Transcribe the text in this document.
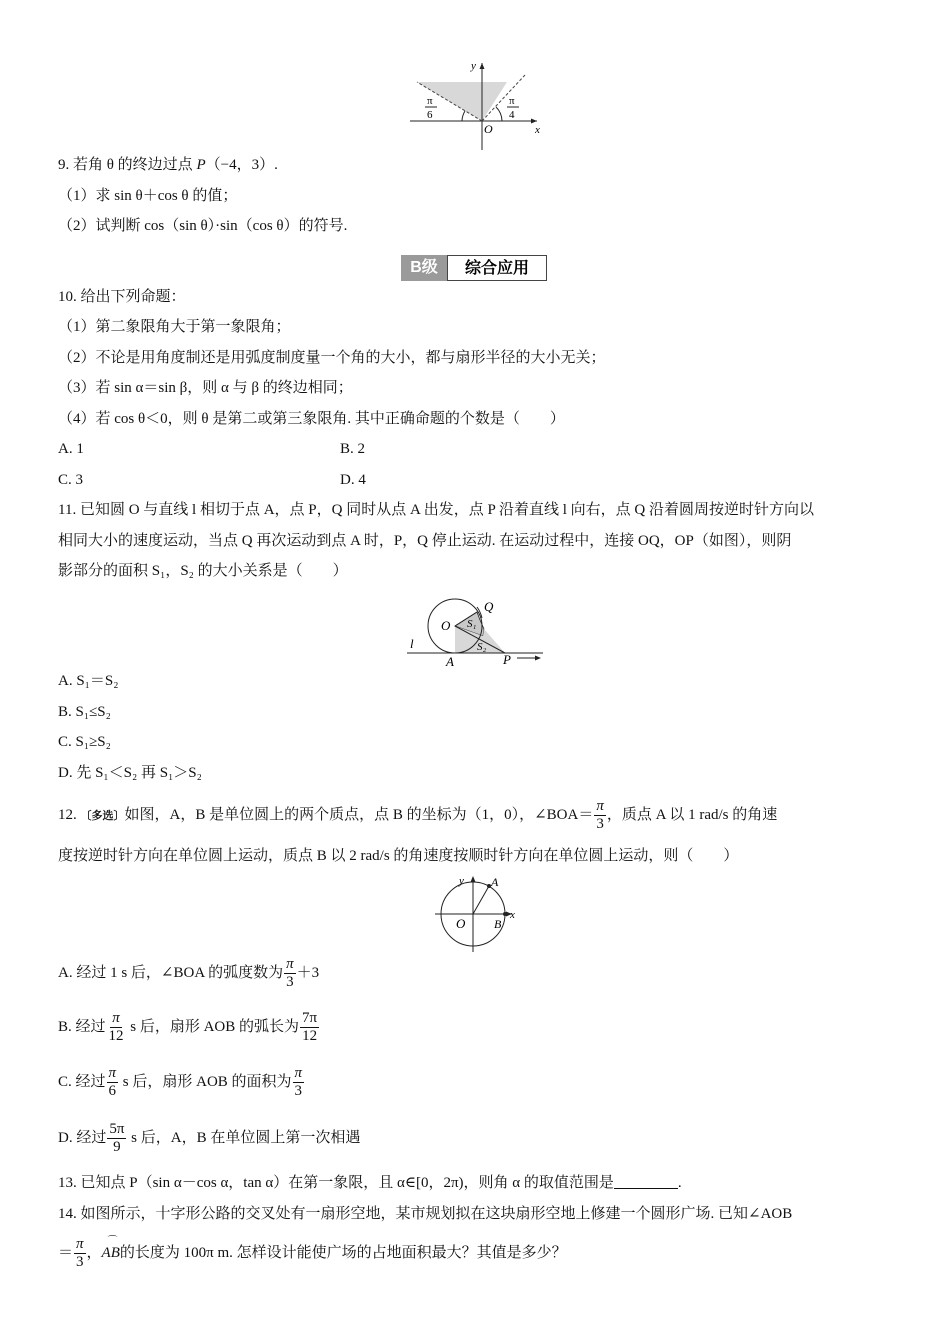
y
x
O
π
6
π
4
9. 若角 θ 的终边过点 P（−4，3）.
（1）求 sin θ＋cos θ 的值；
（2）试判断 cos（sin θ）·sin（cos θ）的符号.
B级	综合应用
10. 给出下列命题：
（1）第二象限角大于第一象限角；
（2）不论是用角度制还是用弧度制度量一个角的大小，都与扇形半径的大小无关；
（3）若 sin α＝sin β，则 α 与 β 的终边相同；
（4）若 cos θ＜0，则 θ 是第二或第三象限角. 其中正确命题的个数是（　　）
A. 1	B. 2
C. 3	D. 4
11. 已知圆 O 与直线 l 相切于点 A，点 P，Q 同时从点 A 出发，点 P 沿着直线 l 向右，点 Q 沿着圆周按逆时针方向以
相同大小的速度运动，当点 Q 再次运动到点 A 时，P，Q 停止运动. 在运动过程中，连接 OQ，OP（如图），则阴
影部分的面积 S₁，S₂ 的大小关系是（　　）
O
Q
S₁
S₂
l
A	P
A. S₁＝S₂
B. S₁≤S₂
C. S₁≥S₂
D. 先 S₁＜S₂ 再 S₁＞S₂
12. 〔多选〕如图，A，B 是单位圆上的两个质点，点 B 的坐标为（1，0），∠BOA＝ $\frac{\pi}{3}$ ，质点 A 以 1 rad/s 的角速
度按逆时针方向在单位圆上运动，质点 B 以 2 rad/s 的角速度按顺时针方向在单位圆上运动，则（　　）
y
x
O
A
B
A. 经过 1 s 后，∠BOA 的弧度数为 $\frac{\pi}{3} +3$
B. 经过 $\frac{\pi}{12}$ s 后，扇形 AOB 的弧长为 $\frac{7\pi}{12}$
C. 经过 $\frac{\pi}{6}$ s 后，扇形 AOB 的面积为 $\frac{\pi}{3}$
D. 经过 $\frac{5\pi}{9}$ s 后，A，B 在单位圆上第一次相遇
13. 已知点 P（sin α－cos α，tan α）在第一象限，且 α∈[0，2π)，则角 α 的取值范围是	.
14. 如图所示，十字形公路的交叉处有一扇形空地，某市规划拟在这块扇形空地上修建一个圆形广场. 已知∠AOB
＝ $\frac{\pi}{3}$ ，⌒ AB的长度为 100π m. 怎样设计能使广场的占地面积最大？其值是多少？
